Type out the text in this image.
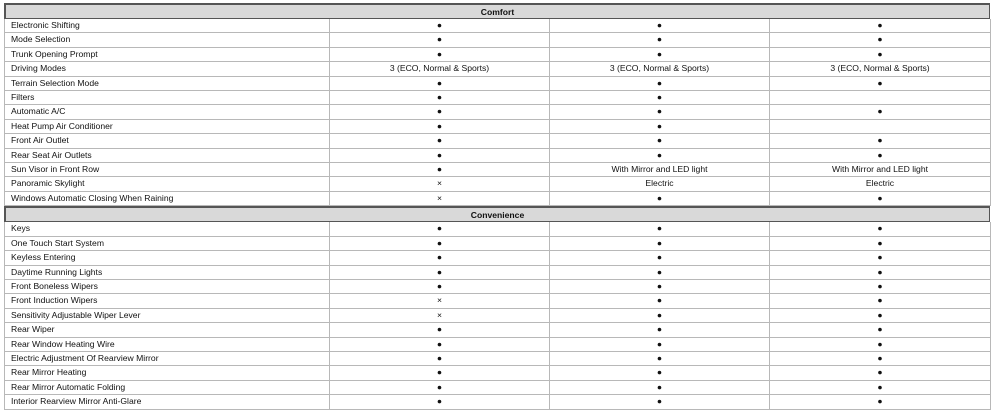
Comfort
Electronic Shifting	●	●	●
Mode Selection	●	●	●
Trunk Opening Prompt	●	●	●
Driving Modes	3 (ECO, Normal & Sports)	3 (ECO, Normal & Sports)	3 (ECO, Normal & Sports)
Terrain Selection Mode	●	●	●
Filters	●	●	
Automatic A/C	●	●	●
Heat Pump Air Conditioner	●	●	
Front Air Outlet	●	●	●
Rear Seat Air Outlets	●	●	●
Sun Visor in Front Row	●	With Mirror and LED light	With Mirror and LED light
Panoramic Skylight	×	Electric	Electric
Windows Automatic Closing When Raining	×	●	●
Convenience
Keys	●	●	●
One Touch Start System	●	●	●
Keyless Entering	●	●	●
Daytime Running Lights	●	●	●
Front Boneless Wipers	●	●	●
Front Induction Wipers	×	●	●
Sensitivity Adjustable Wiper Lever	×	●	●
Rear Wiper	●	●	●
Rear Window Heating Wire	●	●	●
Electric Adjustment Of Rearview Mirror	●	●	●
Rear Mirror Heating	●	●	●
Rear Mirror Automatic Folding	●	●	●
Interior Rearview Mirror Anti-Glare	●	●	●
